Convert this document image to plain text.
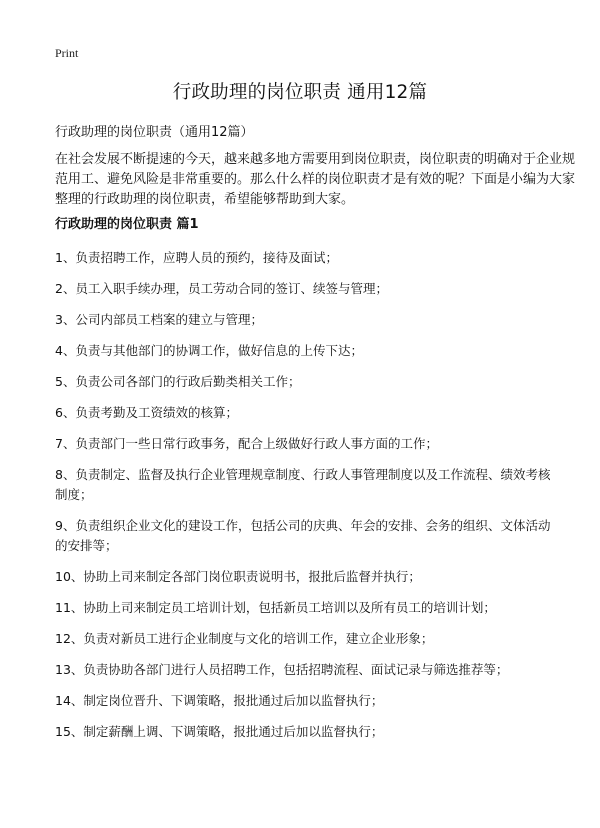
Print
行政助理的岗位职责 通用12篇

行政助理的岗位职责（通用12篇）

在社会发展不断提速的今天，越来越多地方需要用到岗位职责，岗位职责的明确对于企业规范用工、避免风险是非常重要的。那么什么样的岗位职责才是有效的呢？下面是小编为大家整理的行政助理的岗位职责，希望能够帮助到大家。

行政助理的岗位职责 篇1
1、负责招聘工作，应聘人员的预约，接待及面试；
2、员工入职手续办理，员工劳动合同的签订、续签与管理；
3、公司内部员工档案的建立与管理；
4、负责与其他部门的协调工作，做好信息的上传下达；
5、负责公司各部门的行政后勤类相关工作；
6、负责考勤及工资绩效的核算；
7、负责部门一些日常行政事务，配合上级做好行政人事方面的工作；
8、负责制定、监督及执行企业管理规章制度、行政人事管理制度以及工作流程、绩效考核制度；
9、负责组织企业文化的建设工作，包括公司的庆典、年会的安排、会务的组织、文体活动的安排等；
10、协助上司来制定各部门岗位职责说明书，报批后监督并执行；
11、协助上司来制定员工培训计划，包括新员工培训以及所有员工的培训计划；
12、负责对新员工进行企业制度与文化的培训工作，建立企业形象；
13、负责协助各部门进行人员招聘工作，包括招聘流程、面试记录与筛选推荐等；
14、制定岗位晋升、下调策略，报批通过后加以监督执行；
15、制定薪酬上调、下调策略，报批通过后加以监督执行；
